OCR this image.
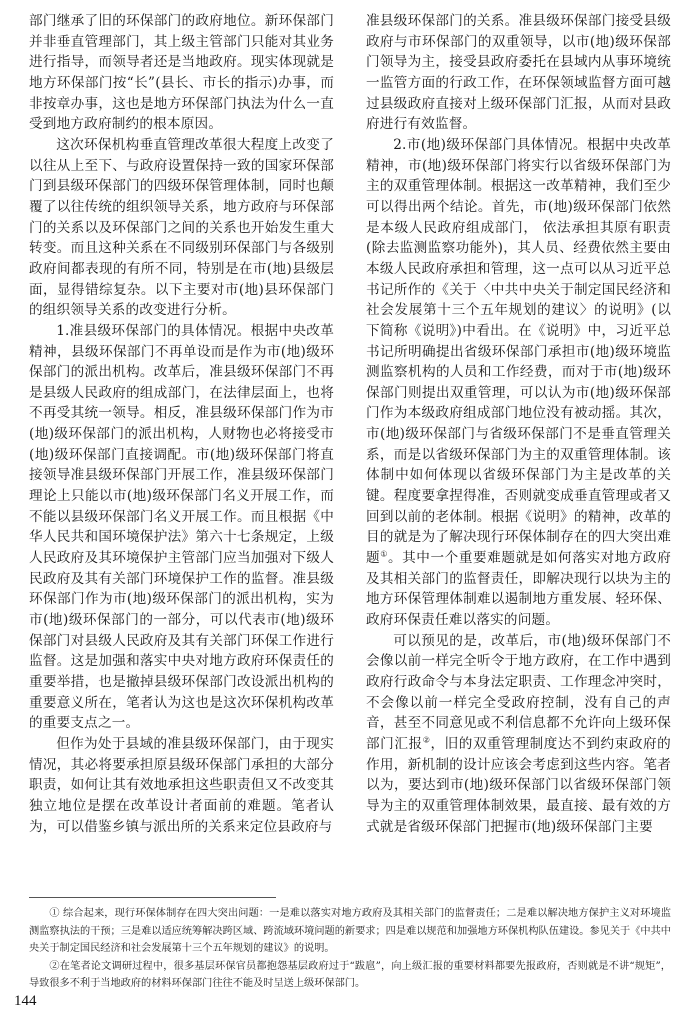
部门继承了旧的环保部门的政府地位。新环保部门并非垂直管理部门，其上级主管部门只能对其业务进行指导，而领导者还是当地政府。现实体现就是地方环保部门按“长”(县长、市长的指示)办事，而非按章办事，这也是地方环保部门执法为什么一直受到地方政府制约的根本原因。

这次环保机构垂直管理改革很大程度上改变了以往从上至下、与政府设置保持一致的国家环保部门到县级环保部门的四级环保管理体制，同时也颠覆了以往传统的组织领导关系，地方政府与环保部门的关系以及环保部门之间的关系也开始发生重大转变。而且这种关系在不同级别环保部门与各级别政府间都表现的有所不同，特别是在市(地)县级层面，显得错综复杂。以下主要对市(地)县环保部门的组织领导关系的改变进行分析。

1.准县级环保部门的具体情况。根据中央改革精神，县级环保部门不再单设而是作为市(地)级环保部门的派出机构。改革后，准县级环保部门不再是县级人民政府的组成部门，在法律层面上，也将不再受其统一领导。相反，准县级环保部门作为市(地)级环保部门的派出机构，人财物也必将接受市(地)级环保部门直接调配。市(地)级环保部门将直接领导准县级环保部门开展工作，准县级环保部门理论上只能以市(地)级环保部门名义开展工作，而不能以县级环保部门名义开展工作。而且根据《中华人民共和国环境保护法》第六十七条规定，上级人民政府及其环境保护主管部门应当加强对下级人民政府及其有关部门环境保护工作的监督。准县级环保部门作为市(地)级环保部门的派出机构，实为市(地)级环保部门的一部分，可以代表市(地)级环保部门对县级人民政府及其有关部门环保工作进行监督。这是加强和落实中央对地方政府环保责任的重要举措，也是撤掉县级环保部门改设派出机构的重要意义所在，笔者认为这也是这次环保机构改革的重要支点之一。

但作为处于县域的准县级环保部门，由于现实情况，其必将要承担原县级环保部门承担的大部分职责，如何让其有效地承担这些职责但又不改变其独立地位是摆在改革设计者面前的难题。笔者认为，可以借鉴乡镇与派出所的关系来定位县政府与

准县级环保部门的关系。准县级环保部门接受县级政府与市环保部门的双重领导，以市(地)级环保部门领导为主，接受县政府委托在县域内从事环境统一监管方面的行政工作，在环保领域监督方面可越过县级政府直接对上级环保部门汇报，从而对县政府进行有效监督。

2.市(地)级环保部门具体情况。根据中央改革精神，市(地)级环保部门将实行以省级环保部门为主的双重管理体制。根据这一改革精神，我们至少可以得出两个结论。首先，市(地)级环保部门依然是本级人民政府组成部门， 依法承担其原有职责(除去监测监察功能外)，其人员、经费依然主要由本级人民政府承担和管理，这一点可以从习近平总书记所作的《关于〈中共中央关于制定国民经济和社会发展第十三个五年规划的建议〉的说明》(以下简称《说明》)中看出。在《说明》中，习近平总书记所明确提出省级环保部门承担市(地)级环境监测监察机构的人员和工作经费，而对于市(地)级环保部门则提出双重管理，可以认为市(地)级环保部门作为本级政府组成部门地位没有被动摇。其次，市(地)级环保部门与省级环保部门不是垂直管理关系，而是以省级环保部门为主的双重管理体制。该体制中如何体现以省级环保部门为主是改革的关键。程度要拿捏得准，否则就变成垂直管理或者又回到以前的老体制。根据《说明》的精神，改革的目的就是为了解决现行环保体制存在的四大突出难题①。其中一个重要难题就是如何落实对地方政府及其相关部门的监督责任，即解决现行以块为主的地方环保管理体制难以遏制地方重发展、轻环保、政府环保责任难以落实的问题。

可以预见的是，改革后，市(地)级环保部门不会像以前一样完全听令于地方政府，在工作中遇到政府行政命令与本身法定职责、工作理念冲突时，不会像以前一样完全受政府控制，没有自己的声音，甚至不同意见或不利信息都不允许向上级环保部门汇报②，旧的双重管理制度达不到约束政府的作用，新机制的设计应该会考虑到这些内容。笔者以为，要达到市(地)级环保部门以省级环保部门领导为主的双重管理体制效果，最直接、最有效的方式就是省级环保部门把握市(地)级环保部门主要

① 综合起来，现行环保体制存在四大突出问题：一是难以落实对地方政府及其相关部门的监督责任；二是难以解决地方保护主义对环境监测监察执法的干预；三是难以适应统筹解决跨区域、跨流域环境问题的新要求；四是难以规范和加强地方环保机构队伍建设。参见关于《中共中央关于制定国民经济和社会发展第十三个五年规划的建议》的说明。

②在笔者论文调研过程中，很多基层环保官员都抱怨基层政府过于“跋扈”，向上级汇报的重要材料都要先报政府，否则就是不讲“规矩”，导致很多不利于当地政府的材料环保部门往往不能及时呈送上级环保部门。

144
